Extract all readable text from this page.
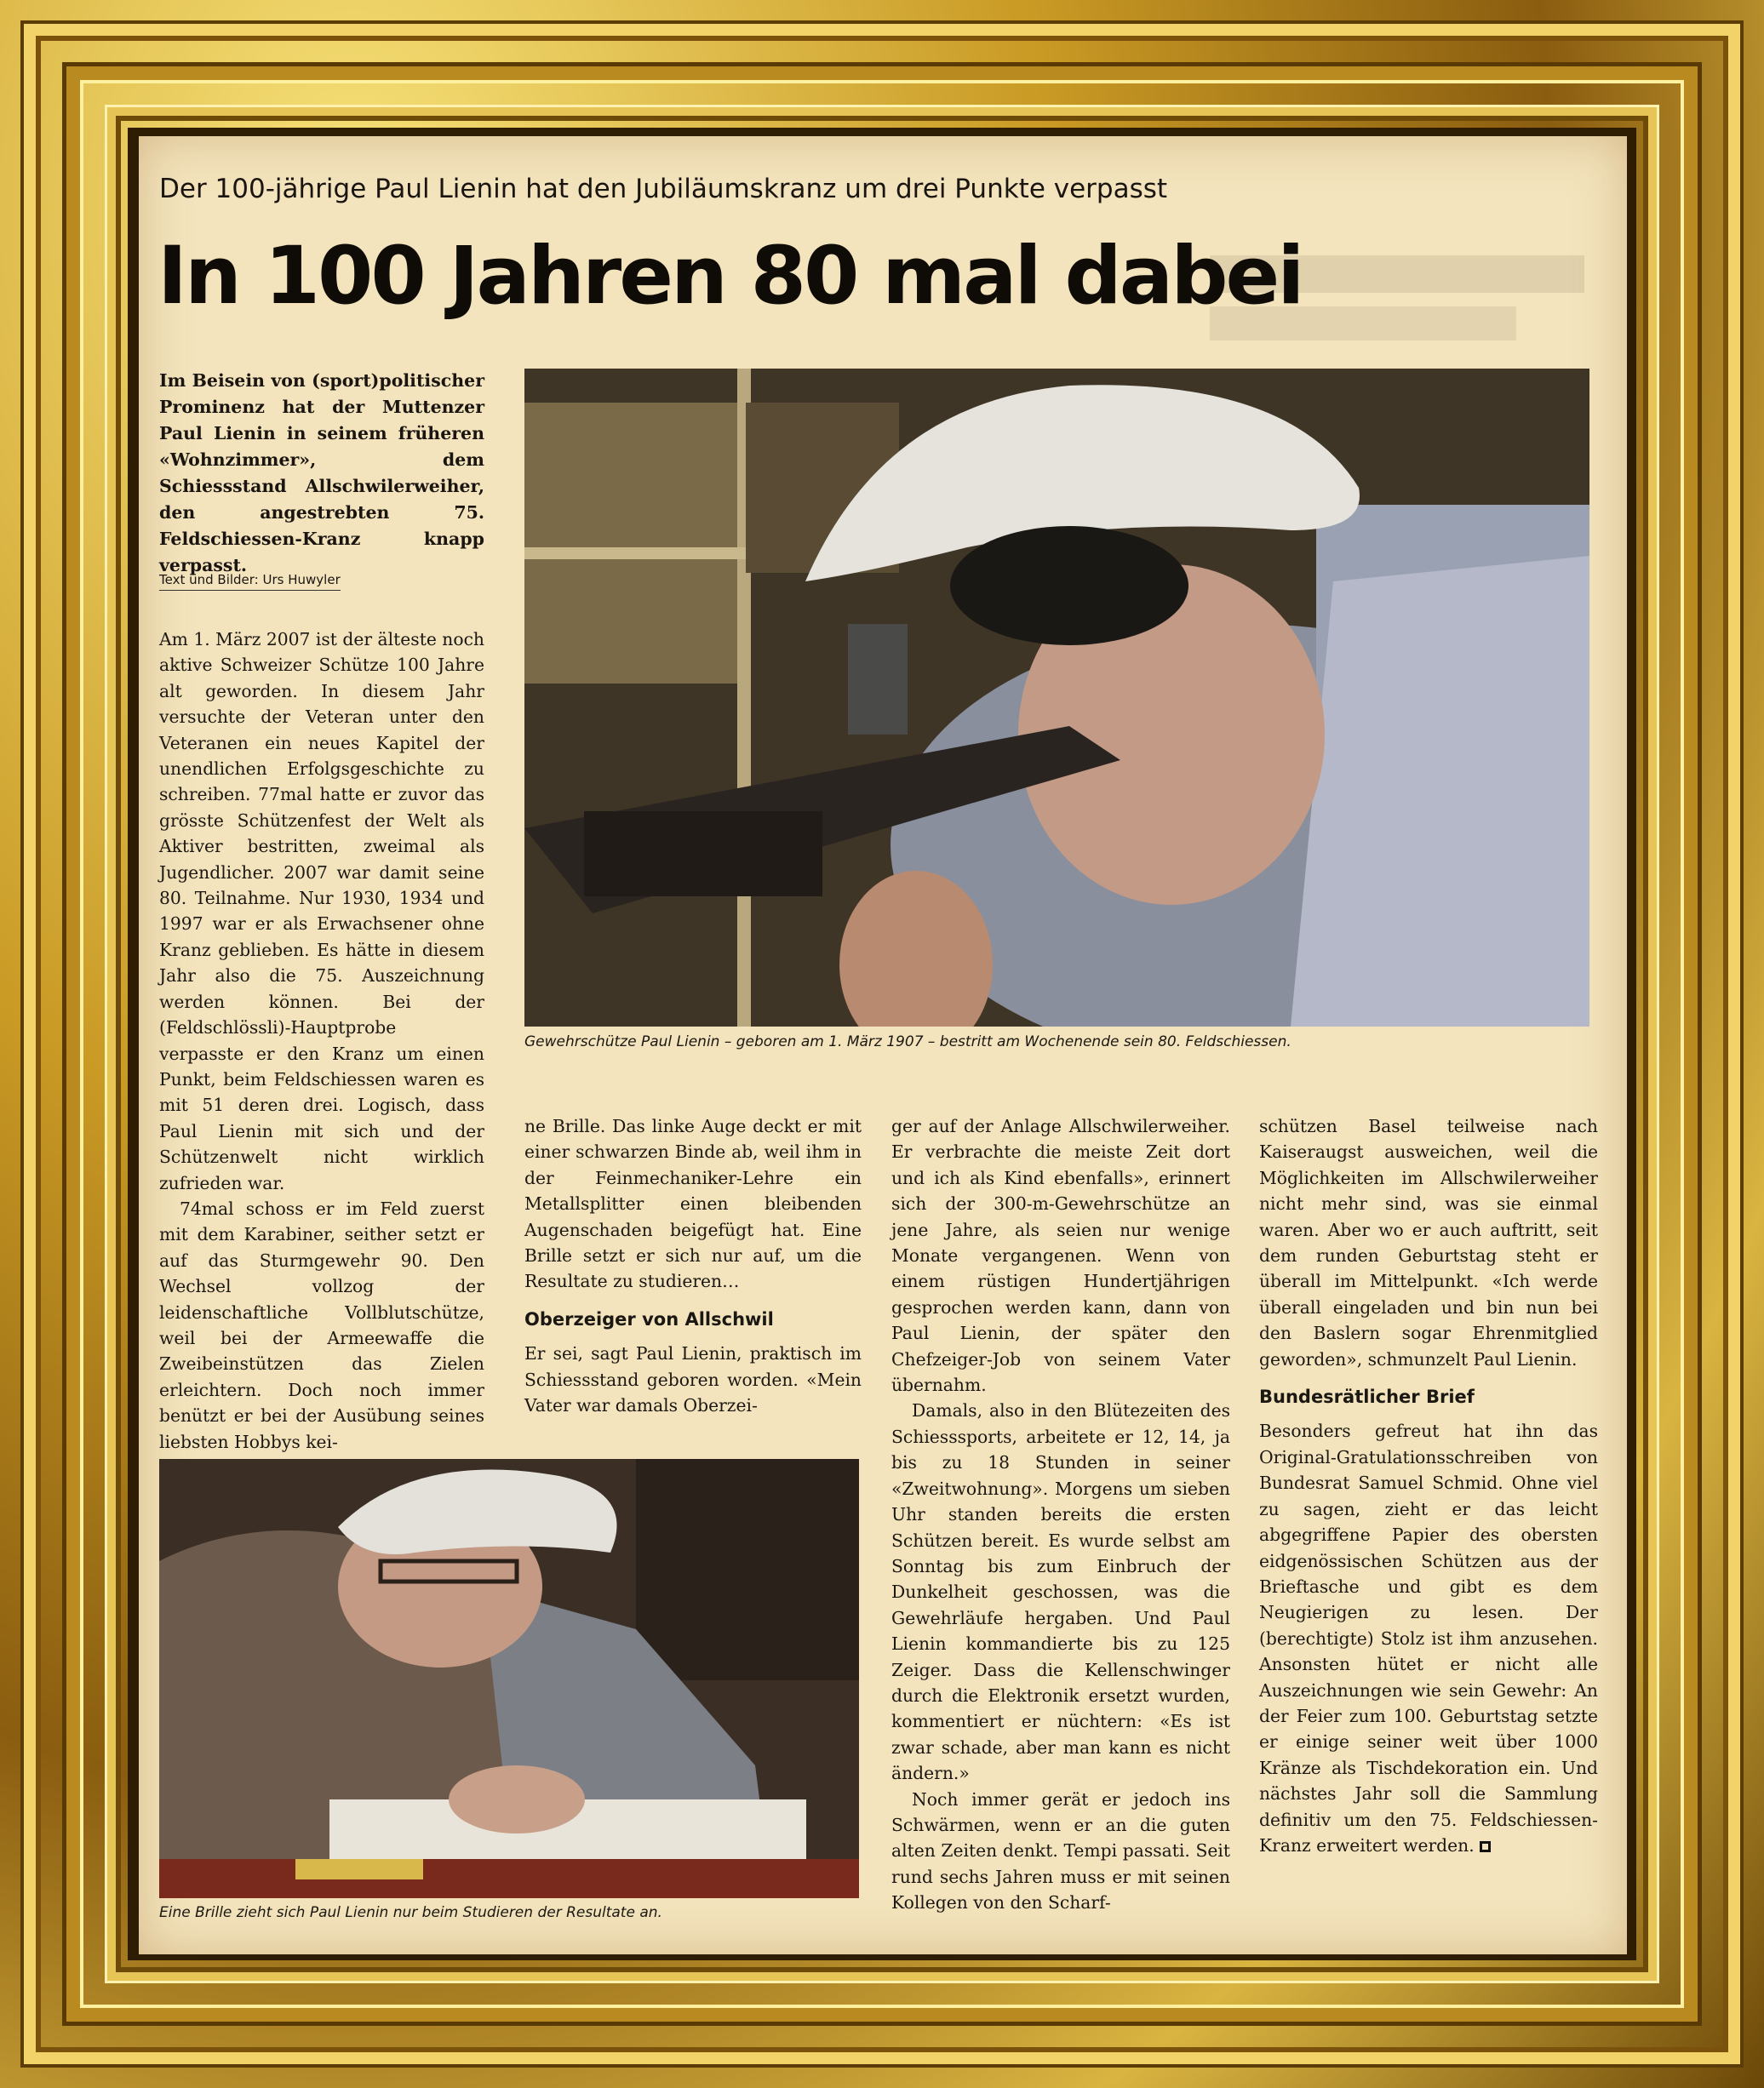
Der 100-jährige Paul Lienin hat den Jubiläumskranz um drei Punkte verpasst
In 100 Jahren 80 mal dabei
Im Beisein von (sport)politischer Prominenz hat der Muttenzer Paul Lienin in seinem früheren «Wohnzimmer», dem Schiessstand Allschwilerweiher, den angestrebten 75. Feldschiessen-Kranz knapp verpasst.
Text und Bilder: Urs Huwyler
Gewehrschütze Paul Lienin – geboren am 1. März 1907 – bestritt am Wochenende sein 80. Feldschiessen.

Am 1. März 2007 ist der älteste noch aktive Schweizer Schütze 100 Jahre alt geworden. In diesem Jahr versuchte der Veteran unter den Veteranen ein neues Kapitel der unendlichen Erfolgsgeschichte zu schreiben. 77mal hatte er zuvor das grösste Schützenfest der Welt als Aktiver bestritten, zweimal als Jugendlicher. 2007 war damit seine 80. Teilnahme. Nur 1930, 1934 und 1997 war er als Erwachsener ohne Kranz geblieben. Es hätte in diesem Jahr also die 75. Auszeichnung werden können. Bei der (Feldschlössli)-Hauptprobe verpasste er den Kranz um einen Punkt, beim Feldschiessen waren es mit 51 deren drei. Logisch, dass Paul Lienin mit sich und der Schützenwelt nicht wirklich zufrieden war.

74mal schoss er im Feld zuerst mit dem Karabiner, seither setzt er auf das Sturmgewehr 90. Den Wechsel vollzog der leidenschaftliche Vollblutschütze, weil bei der Armeewaffe die Zweibeinstützen das Zielen erleichtern. Doch noch immer benützt er bei der Ausübung seines liebsten Hobbys kei-

ne Brille. Das linke Auge deckt er mit einer schwarzen Binde ab, weil ihm in der Feinmechaniker-Lehre ein Metallsplitter einen bleibenden Augenschaden beigefügt hat. Eine Brille setzt er sich nur auf, um die Resultate zu studieren…

Oberzeiger von Allschwil

Er sei, sagt Paul Lienin, praktisch im Schiessstand geboren worden. «Mein Vater war damals Oberzei-

Eine Brille zieht sich Paul Lienin nur beim Studieren der Resultate an.

ger auf der Anlage Allschwilerweiher. Er verbrachte die meiste Zeit dort und ich als Kind ebenfalls», erinnert sich der 300-m-Gewehrschütze an jene Jahre, als seien nur wenige Monate vergangenen. Wenn von einem rüstigen Hundertjährigen gesprochen werden kann, dann von Paul Lienin, der später den Chefzeiger-Job von seinem Vater übernahm.

Damals, also in den Blütezeiten des Schiesssports, arbeitete er 12, 14, ja bis zu 18 Stunden in seiner «Zweitwohnung». Morgens um sieben Uhr standen bereits die ersten Schützen bereit. Es wurde selbst am Sonntag bis zum Einbruch der Dunkelheit geschossen, was die Gewehrläufe hergaben. Und Paul Lienin kommandierte bis zu 125 Zeiger. Dass die Kellenschwinger durch die Elektronik ersetzt wurden, kommentiert er nüchtern: «Es ist zwar schade, aber man kann es nicht ändern.»

Noch immer gerät er jedoch ins Schwärmen, wenn er an die guten alten Zeiten denkt. Tempi passati. Seit rund sechs Jahren muss er mit seinen Kollegen von den Scharf-

schützen Basel teilweise nach Kaiseraugst ausweichen, weil die Möglichkeiten im Allschwilerweiher nicht mehr sind, was sie einmal waren. Aber wo er auch auftritt, seit dem runden Geburtstag steht er überall im Mittelpunkt. «Ich werde überall eingeladen und bin nun bei den Baslern sogar Ehrenmitglied geworden», schmunzelt Paul Lienin.

Bundesrätlicher Brief

Besonders gefreut hat ihn das Original-Gratulationsschreiben von Bundesrat Samuel Schmid. Ohne viel zu sagen, zieht er das leicht abgegriffene Papier des obersten eidgenössischen Schützen aus der Brieftasche und gibt es dem Neugierigen zu lesen. Der (berechtigte) Stolz ist ihm anzusehen. Ansonsten hütet er nicht alle Auszeichnungen wie sein Gewehr: An der Feier zum 100. Geburtstag setzte er einige seiner weit über 1000 Kränze als Tischdekoration ein. Und nächstes Jahr soll die Sammlung definitiv um den 75. Feldschiessen-Kranz erweitert werden.
